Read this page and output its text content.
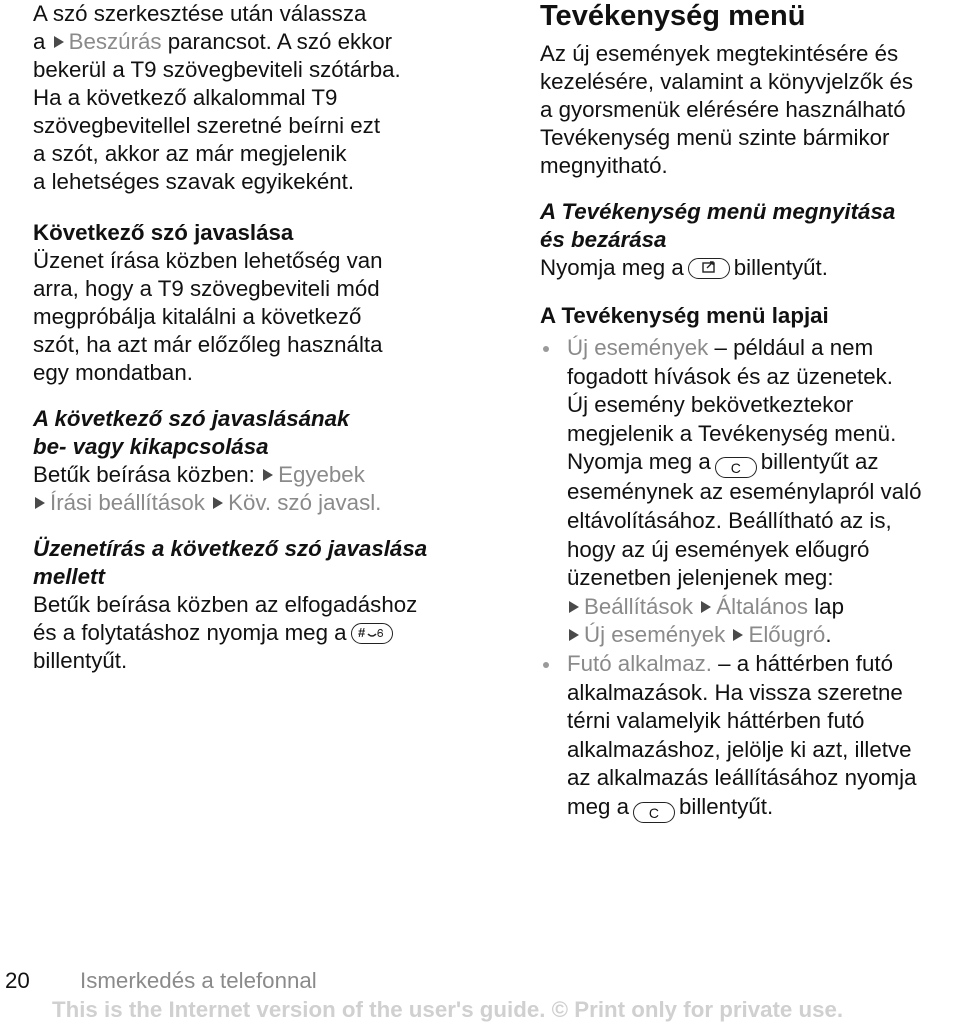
A szó szerkesztése után válassza

a Beszúrás parancsot. A szó ekkor

bekerül a T9 szövegbeviteli szótárba.

Ha a következő alkalommal T9

szövegbevitellel szeretné beírni ezt

a szót, akkor az már megjelenik

a lehetséges szavak egyikeként.

Következő szó javaslása

Üzenet írása közben lehetőség van

arra, hogy a T9 szövegbeviteli mód

megpróbálja kitalálni a következő

szót, ha azt már előzőleg használta

egy mondatban.

A következő szó javaslásának

be- vagy kikapcsolása

Betűk beírása közben: Egyebek

Írási beállítások Köv. szó javasl.

Üzenetírás a következő szó javaslása

mellett

Betűk beírása közben az elfogadáshoz

és a folytatáshoz nyomja meg a # Ꮾ

billentyűt.

Tevékenység menü

Az új események megtekintésére és

kezelésére, valamint a könyvjelzők és

a gyorsmenük elérésére használható

Tevékenység menü szinte bármikor

megnyitható.

A Tevékenység menü megnyitása

és bezárása

Nyomja meg a billentyűt.

A Tevékenység menü lapjai

Új események – például a nem
fogadott hívások és az üzenetek.
Új esemény bekövetkeztekor
megjelenik a Tevékenység menü.
Nyomja meg a C billentyűt az
eseménynek az eseménylapról való
eltávolításához. Beállítható az is,
hogy az új események előugró
üzenetben jelenjenek meg:
Beállítások Általános lap
Új események Előugró.
Futó alkalmaz. – a háttérben futó
alkalmazások. Ha vissza szeretne
térni valamelyik háttérben futó
alkalmazáshoz, jelölje ki azt, illetve
az alkalmazás leállításához nyomja
meg a C billentyűt.
20 Ismerkedés a telefonnal
This is the Internet version of the user's guide. © Print only for private use.
